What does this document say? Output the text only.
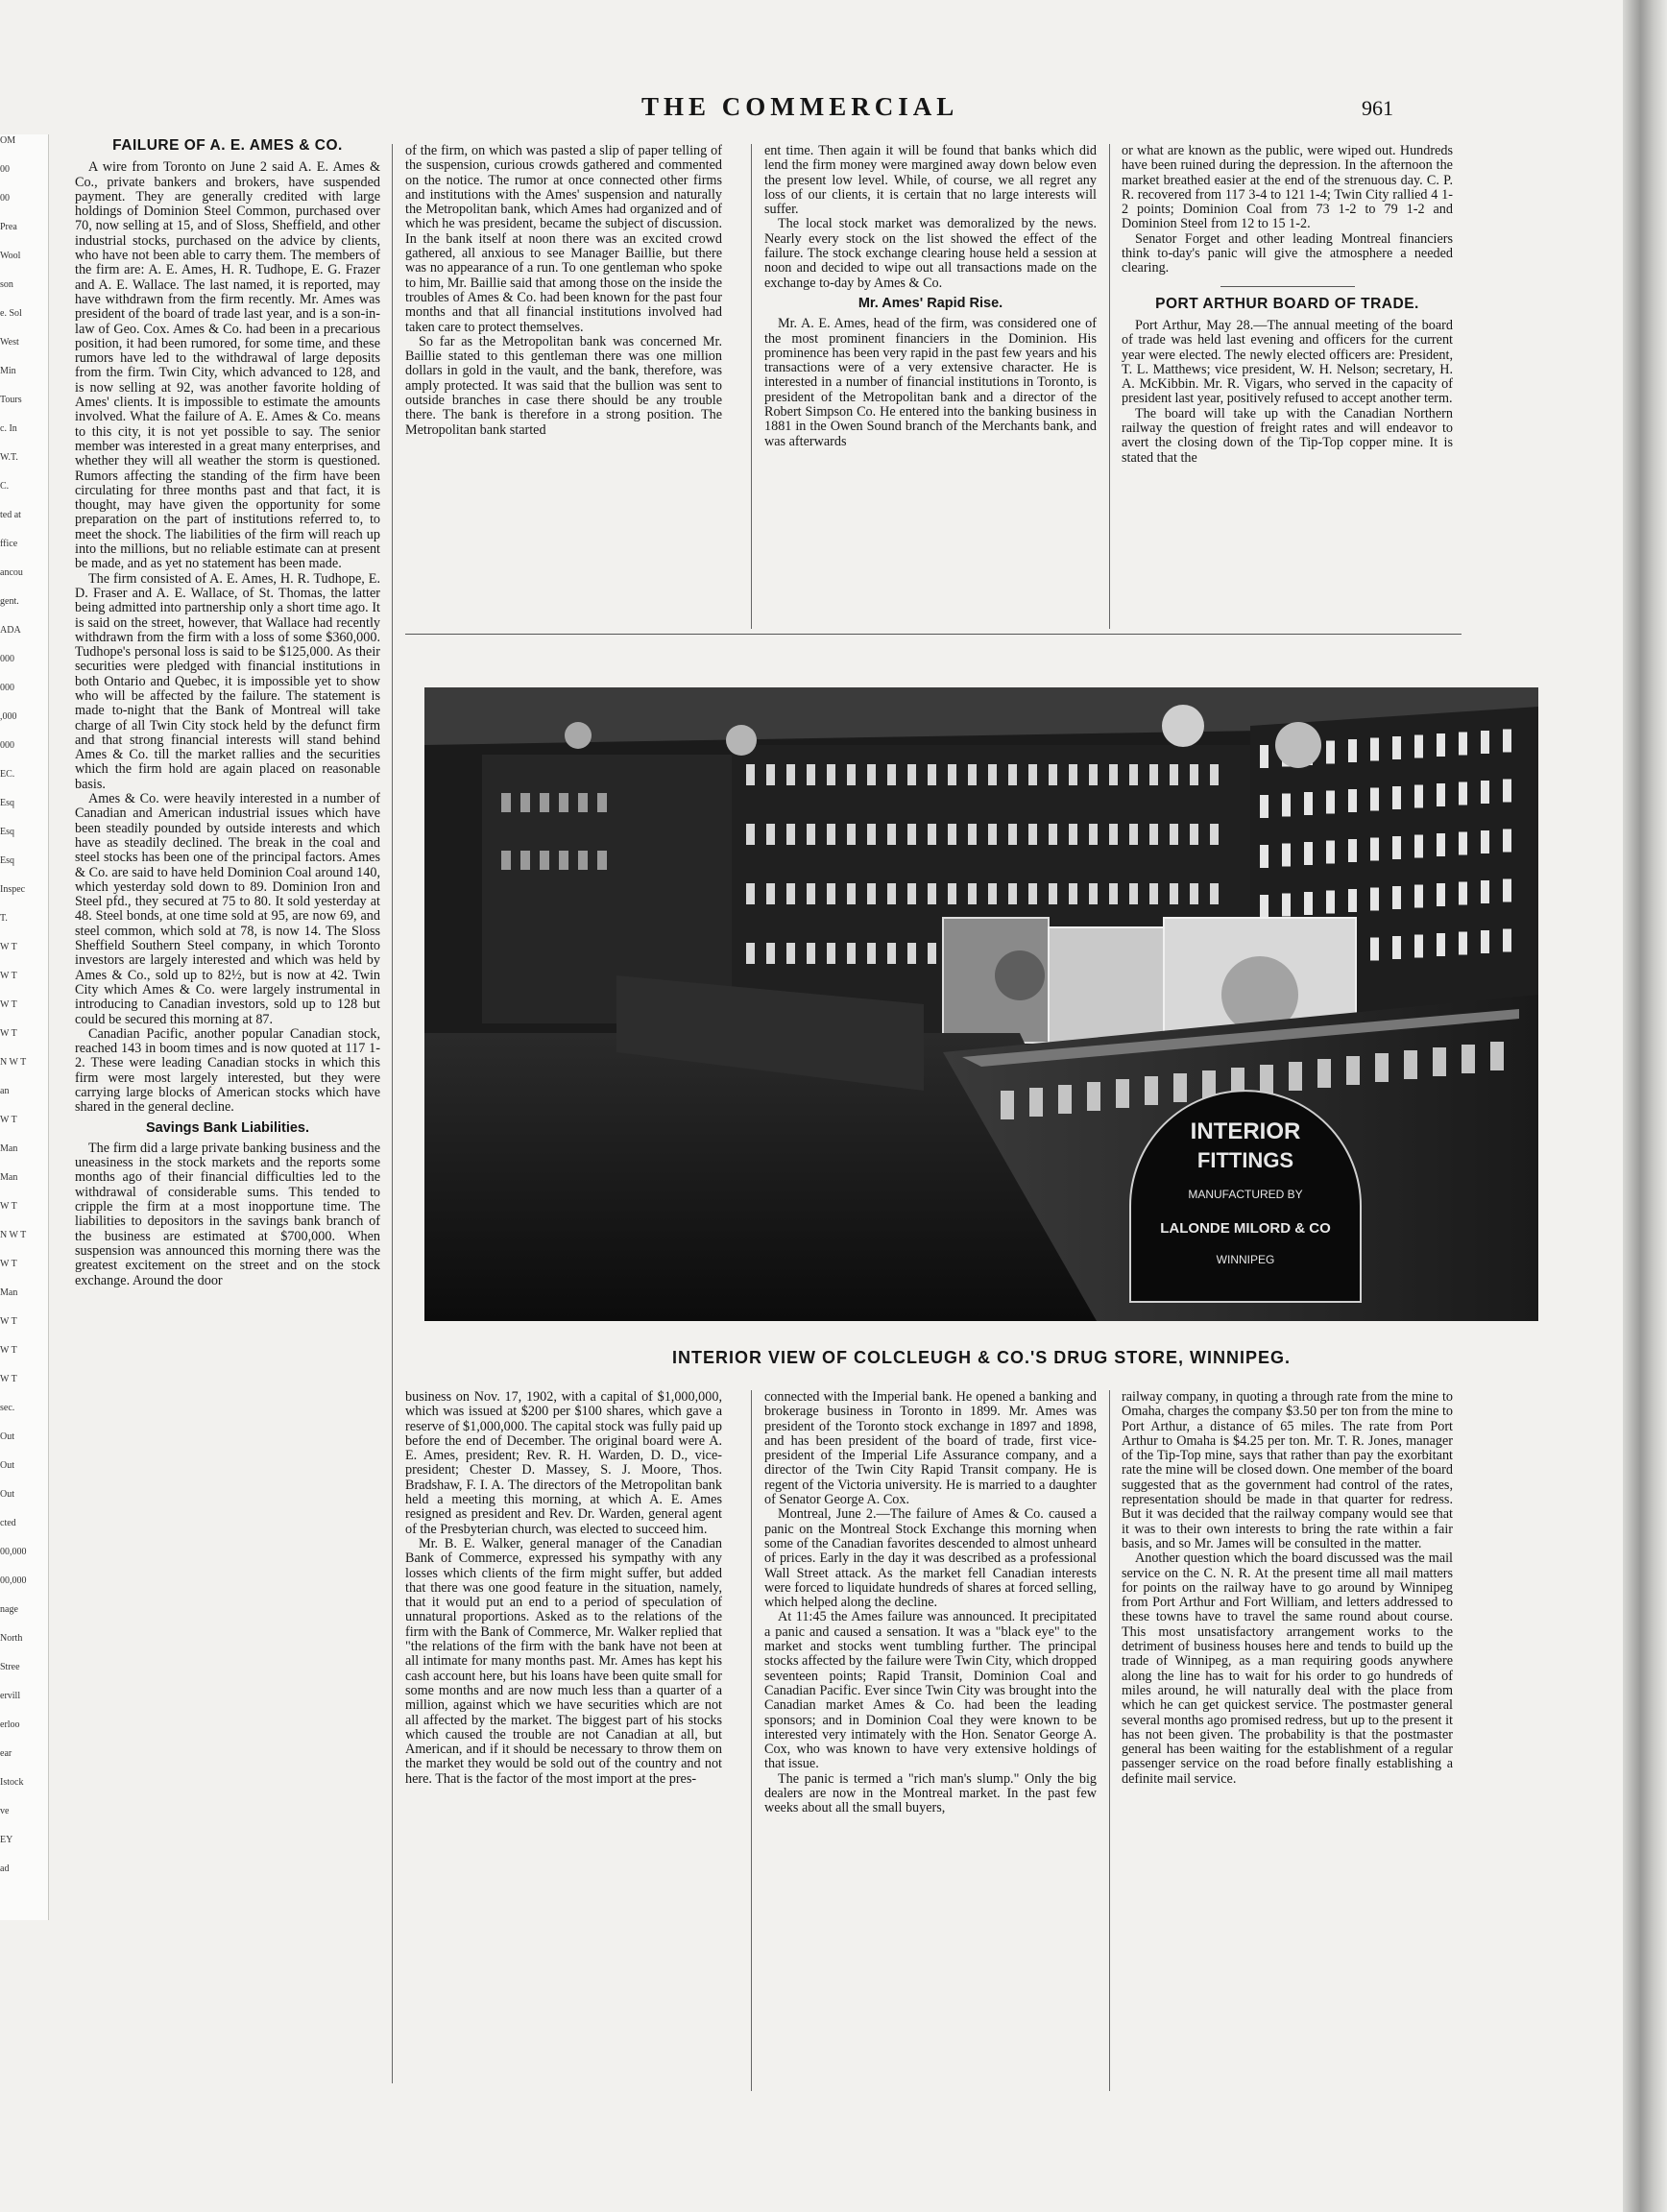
OM
00
00
Prea
Wool
son
e. Sol
West
Min
Tours
c. In
W.T.
C.
ted at
ffice
ancou
gent.
ADA
000
000
,000
000
EC.
Esq
Esq
Esq
Inspec
T.
W T
W T
W T
W T
N W T
an
W T
Man
Man
W T
N W T
W T
Man
W T
W T
W T
sec.
Out
Out
Out
cted
00,000
00,000
nage
North
Stree
ervill
erloo
ear
Istock
ve
EY
ad
THE COMMERCIAL	961
FAILURE OF A. E. AMES & CO.

A wire from Toronto on June 2 said A. E. Ames & Co., private bankers and brokers, have suspended payment. They are generally credited with large holdings of Dominion Steel Common, purchased over 70, now selling at 15, and of Sloss, Sheffield, and other industrial stocks, purchased on the advice by clients, who have not been able to carry them. The members of the firm are: A. E. Ames, H. R. Tudhope, E. G. Frazer and A. E. Wallace. The last named, it is reported, may have withdrawn from the firm recently. Mr. Ames was president of the board of trade last year, and is a son-in-law of Geo. Cox. Ames & Co. had been in a precarious position, it had been rumored, for some time, and these rumors have led to the withdrawal of large deposits from the firm. Twin City, which advanced to 128, and is now selling at 92, was another favorite holding of Ames' clients. It is impossible to estimate the amounts involved. What the failure of A. E. Ames & Co. means to this city, it is not yet possible to say. The senior member was interested in a great many enterprises, and whether they will all weather the storm is questioned. Rumors affecting the standing of the firm have been circulating for three months past and that fact, it is thought, may have given the opportunity for some preparation on the part of institutions referred to, to meet the shock. The liabilities of the firm will reach up into the millions, but no reliable estimate can at present be made, and as yet no statement has been made.

The firm consisted of A. E. Ames, H. R. Tudhope, E. D. Fraser and A. E. Wallace, of St. Thomas, the latter being admitted into partnership only a short time ago. It is said on the street, however, that Wallace had recently withdrawn from the firm with a loss of some $360,000. Tudhope's personal loss is said to be $125,000. As their securities were pledged with financial institutions in both Ontario and Quebec, it is impossible yet to show who will be affected by the failure. The statement is made to-night that the Bank of Montreal will take charge of all Twin City stock held by the defunct firm and that strong financial interests will stand behind Ames & Co. till the market rallies and the securities which the firm hold are again placed on reasonable basis.

Ames & Co. were heavily interested in a number of Canadian and American industrial issues which have been steadily pounded by outside interests and which have as steadily declined. The break in the coal and steel stocks has been one of the principal factors. Ames & Co. are said to have held Dominion Coal around 140, which yesterday sold down to 89. Dominion Iron and Steel pfd., they secured at 75 to 80. It sold yesterday at 48. Steel bonds, at one time sold at 95, are now 69, and steel common, which sold at 78, is now 14. The Sloss Sheffield Southern Steel company, in which Toronto investors are largely interested and which was held by Ames & Co., sold up to 82½, but is now at 42. Twin City which Ames & Co. were largely instrumental in introducing to Canadian investors, sold up to 128 but could be secured this morning at 87.

Canadian Pacific, another popular Canadian stock, reached 143 in boom times and is now quoted at 117 1-2. These were leading Canadian stocks in which this firm were most largely interested, but they were carrying large blocks of American stocks which have shared in the general decline.

Savings Bank Liabilities.

The firm did a large private banking business and the uneasiness in the stock markets and the reports some months ago of their financial difficulties led to the withdrawal of considerable sums. This tended to cripple the firm at a most inopportune time. The liabilities to depositors in the savings bank branch of the business are estimated at $700,000. When suspension was announced this morning there was the greatest excitement on the street and on the stock exchange. Around the door

of the firm, on which was pasted a slip of paper telling of the suspension, curious crowds gathered and commented on the notice. The rumor at once connected other firms and institutions with the Ames' suspension and naturally the Metropolitan bank, which Ames had organized and of which he was president, became the subject of discussion. In the bank itself at noon there was an excited crowd gathered, all anxious to see Manager Baillie, but there was no appearance of a run. To one gentleman who spoke to him, Mr. Baillie said that among those on the inside the troubles of Ames & Co. had been known for the past four months and that all financial institutions involved had taken care to protect themselves.

So far as the Metropolitan bank was concerned Mr. Baillie stated to this gentleman there was one million dollars in gold in the vault, and the bank, therefore, was amply protected. It was said that the bullion was sent to outside branches in case there should be any trouble there. The bank is therefore in a strong position. The Metropolitan bank started

ent time. Then again it will be found that banks which did lend the firm money were margined away down below even the present low level. While, of course, we all regret any loss of our clients, it is certain that no large interests will suffer.

The local stock market was demoralized by the news. Nearly every stock on the list showed the effect of the failure. The stock exchange clearing house held a session at noon and decided to wipe out all transactions made on the exchange to-day by Ames & Co.

Mr. Ames' Rapid Rise.

Mr. A. E. Ames, head of the firm, was considered one of the most prominent financiers in the Dominion. His prominence has been very rapid in the past few years and his transactions were of a very extensive character. He is interested in a number of financial institutions in Toronto, is president of the Metropolitan bank and a director of the Robert Simpson Co. He entered into the banking business in 1881 in the Owen Sound branch of the Merchants bank, and was afterwards

or what are known as the public, were wiped out. Hundreds have been ruined during the depression. In the afternoon the market breathed easier at the end of the strenuous day. C. P. R. recovered from 117 3-4 to 121 1-4; Twin City rallied 4 1-2 points; Dominion Coal from 73 1-2 to 79 1-2 and Dominion Steel from 12 to 15 1-2.

Senator Forget and other leading Montreal financiers think to-day's panic will give the atmosphere a needed clearing.

PORT ARTHUR BOARD OF TRADE.

Port Arthur, May 28.—The annual meeting of the board of trade was held last evening and officers for the current year were elected. The newly elected officers are: President, T. L. Matthews; vice president, W. H. Nelson; secretary, H. A. McKibbin. Mr. R. Vigars, who served in the capacity of president last year, positively refused to accept another term.

The board will take up with the Canadian Northern railway the question of freight rates and will endeavor to avert the closing down of the Tip-Top copper mine. It is stated that the

INTERIOR
FITTINGS
MANUFACTURED BY
LALONDE MILORD & CO
WINNIPEG
INTERIOR VIEW OF COLCLEUGH & CO.'S DRUG STORE, WINNIPEG.

business on Nov. 17, 1902, with a capital of $1,000,000, which was issued at $200 per $100 shares, which gave a reserve of $1,000,000. The capital stock was fully paid up before the end of December. The original board were A. E. Ames, president; Rev. R. H. Warden, D. D., vice-president; Chester D. Massey, S. J. Moore, Thos. Bradshaw, F. I. A. The directors of the Metropolitan bank held a meeting this morning, at which A. E. Ames resigned as president and Rev. Dr. Warden, general agent of the Presbyterian church, was elected to succeed him.

Mr. B. E. Walker, general manager of the Canadian Bank of Commerce, expressed his sympathy with any losses which clients of the firm might suffer, but added that there was one good feature in the situation, namely, that it would put an end to a period of speculation of unnatural proportions. Asked as to the relations of the firm with the Bank of Commerce, Mr. Walker replied that "the relations of the firm with the bank have not been at all intimate for many months past. Mr. Ames has kept his cash account here, but his loans have been quite small for some months and are now much less than a quarter of a million, against which we have securities which are not all affected by the market. The biggest part of his stocks which caused the trouble are not Canadian at all, but American, and if it should be necessary to throw them on the market they would be sold out of the country and not here. That is the factor of the most import at the pres-

connected with the Imperial bank. He opened a banking and brokerage business in Toronto in 1899. Mr. Ames was president of the Toronto stock exchange in 1897 and 1898, and has been president of the board of trade, first vice-president of the Imperial Life Assurance company, and a director of the Twin City Rapid Transit company. He is regent of the Victoria university. He is married to a daughter of Senator George A. Cox.

Montreal, June 2.—The failure of Ames & Co. caused a panic on the Montreal Stock Exchange this morning when some of the Canadian favorites descended to almost unheard of prices. Early in the day it was described as a professional Wall Street attack. As the market fell Canadian interests were forced to liquidate hundreds of shares at forced selling, which helped along the decline.

At 11:45 the Ames failure was announced. It precipitated a panic and caused a sensation. It was a "black eye" to the market and stocks went tumbling further. The principal stocks affected by the failure were Twin City, which dropped seventeen points; Rapid Transit, Dominion Coal and Canadian Pacific. Ever since Twin City was brought into the Canadian market Ames & Co. had been the leading sponsors; and in Dominion Coal they were known to be interested very intimately with the Hon. Senator George A. Cox, who was known to have very extensive holdings of that issue.

The panic is termed a "rich man's slump." Only the big dealers are now in the Montreal market. In the past few weeks about all the small buyers,

railway company, in quoting a through rate from the mine to Omaha, charges the company $3.50 per ton from the mine to Port Arthur, a distance of 65 miles. The rate from Port Arthur to Omaha is $4.25 per ton. Mr. T. R. Jones, manager of the Tip-Top mine, says that rather than pay the exorbitant rate the mine will be closed down. One member of the board suggested that as the government had control of the rates, representation should be made in that quarter for redress. But it was decided that the railway company would see that it was to their own interests to bring the rate within a fair basis, and so Mr. James will be consulted in the matter.

Another question which the board discussed was the mail service on the C. N. R. At the present time all mail matters for points on the railway have to go around by Winnipeg from Port Arthur and Fort William, and letters addressed to these towns have to travel the same round about course. This most unsatisfactory arrangement works to the detriment of business houses here and tends to build up the trade of Winnipeg, as a man requiring goods anywhere along the line has to wait for his order to go hundreds of miles around, he will naturally deal with the place from which he can get quickest service. The postmaster general several months ago promised redress, but up to the present it has not been given. The probability is that the postmaster general has been waiting for the establishment of a regular passenger service on the road before finally establishing a definite mail service.
